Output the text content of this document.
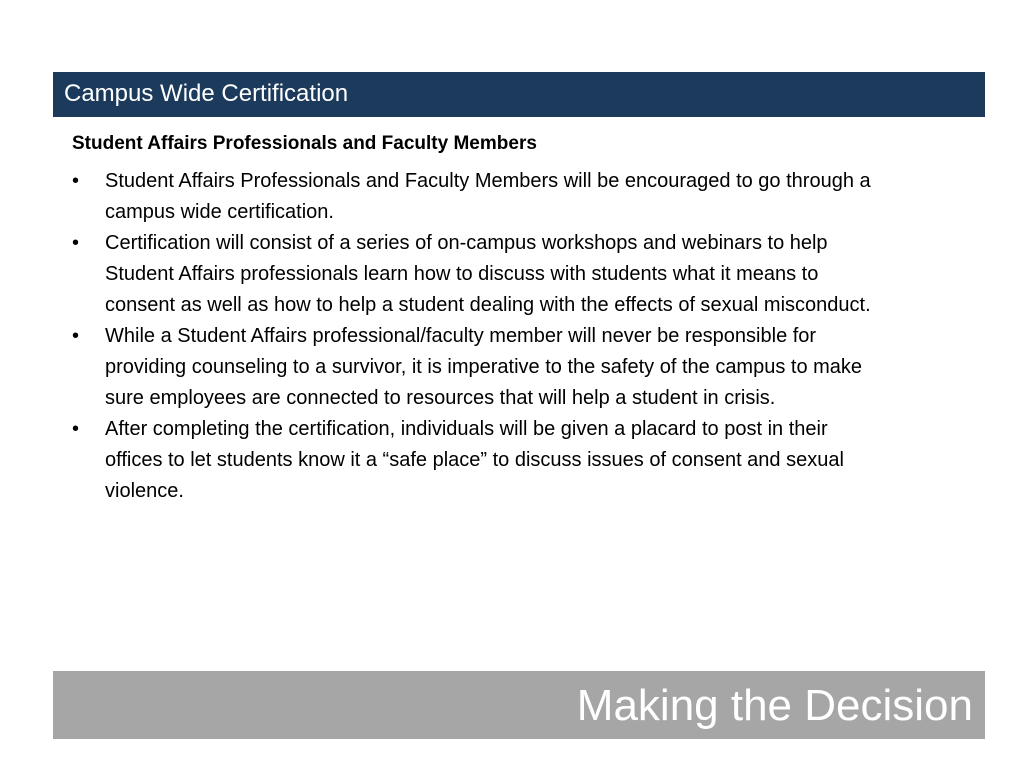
Campus Wide Certification
Student Affairs Professionals and Faculty Members
•	Student Affairs Professionals and Faculty Members will be encouraged to go through a campus wide certification.
•	Certification will consist of a series of on-campus workshops and webinars to help Student Affairs professionals learn how to discuss with students what it means to consent as well as how to help a student dealing with the effects of sexual misconduct.
•	While a Student Affairs professional/faculty member will never be responsible for providing counseling to a survivor, it is imperative to the safety of the campus to make sure employees are connected to resources that will help a student in crisis.
•	After completing the certification, individuals will be given a placard to post in their offices to let students know it a “safe place” to discuss issues of consent and sexual violence.
Making the Decision
